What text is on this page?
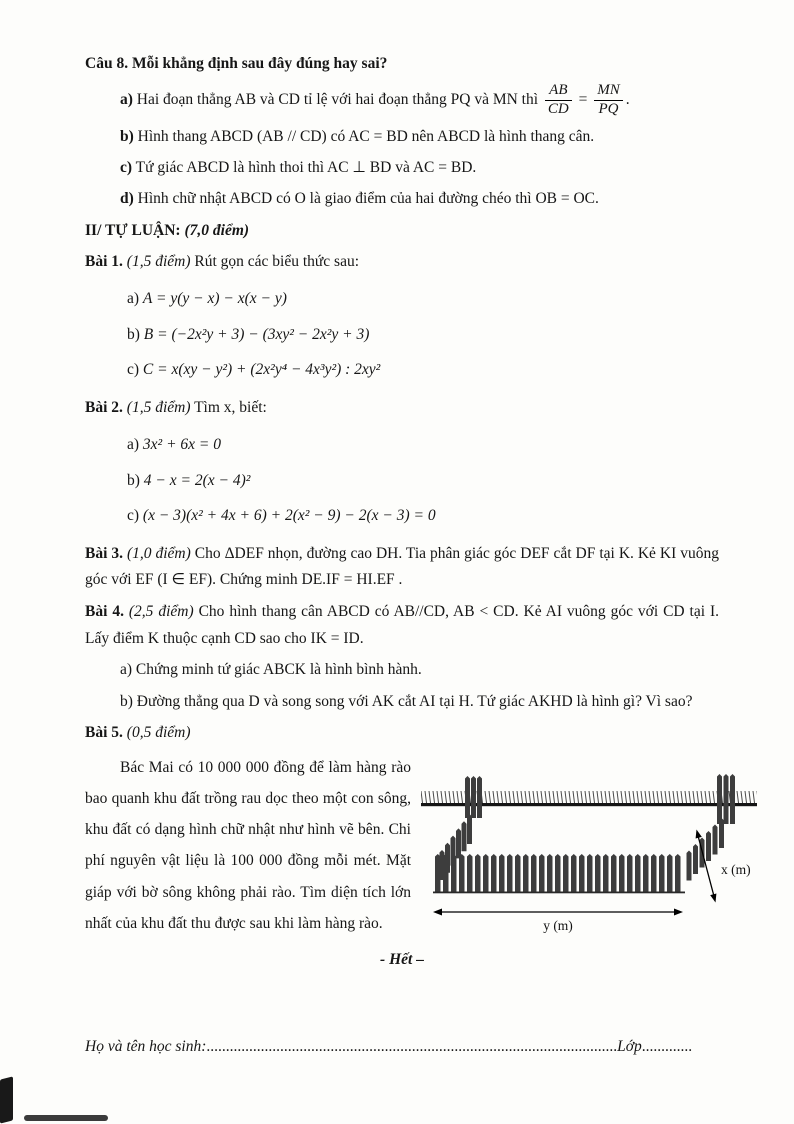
Câu 8. Mỗi khẳng định sau đây đúng hay sai?

a) Hai đoạn thẳng AB và CD tỉ lệ với hai đoạn thẳng PQ và MN thì $\frac{AB}{CD} = \frac{MN}{PQ}$ .

b) Hình thang ABCD (AB // CD) có AC = BD nên ABCD là hình thang cân.

c) Tứ giác ABCD là hình thoi thì AC ⊥ BD và AC = BD.

d) Hình chữ nhật ABCD có O là giao điểm của hai đường chéo thì OB = OC.

II/ TỰ LUẬN: (7,0 điểm)

Bài 1. (1,5 điểm) Rút gọn các biểu thức sau:

a) A = y(y − x) − x(x − y)

b) B = (−2x²y + 3) − (3xy² − 2x²y + 3)

c) C = x(xy − y²) + (2x²y⁴ − 4x³y²) : 2xy²

Bài 2. (1,5 điểm) Tìm x, biết:

a) 3x² + 6x = 0

b) 4 − x = 2(x − 4)²

c) (x − 3)(x² + 4x + 6) + 2(x² − 9) − 2(x − 3) = 0

Bài 3. (1,0 điểm) Cho ΔDEF nhọn, đường cao DH. Tia phân giác góc DEF cắt DF tại K. Kẻ KI vuông góc với EF (I ∈ EF). Chứng minh DE.IF = HI.EF .

Bài 4. (2,5 điểm) Cho hình thang cân ABCD có AB//CD, AB < CD. Kẻ AI vuông góc với CD tại I. Lấy điểm K thuộc cạnh CD sao cho IK = ID.

a) Chứng minh tứ giác ABCK là hình bình hành.

b) Đường thẳng qua D và song song với AK cắt AI tại H. Tứ giác AKHD là hình gì? Vì sao?

Bài 5. (0,5 điểm)

Bác Mai có 10 000 000 đồng để làm hàng rào bao quanh khu đất trồng rau dọc theo một con sông, khu đất có dạng hình chữ nhật như hình vẽ bên. Chi phí nguyên vật liệu là 100 000 đồng mỗi mét. Mặt giáp với bờ sông không phải rào. Tìm diện tích lớn nhất của khu đất thu được sau khi làm hàng rào.

x (m)
y (m)

- Hết –

Họ và tên học sinh:..........................................................................................................Lớp.............
